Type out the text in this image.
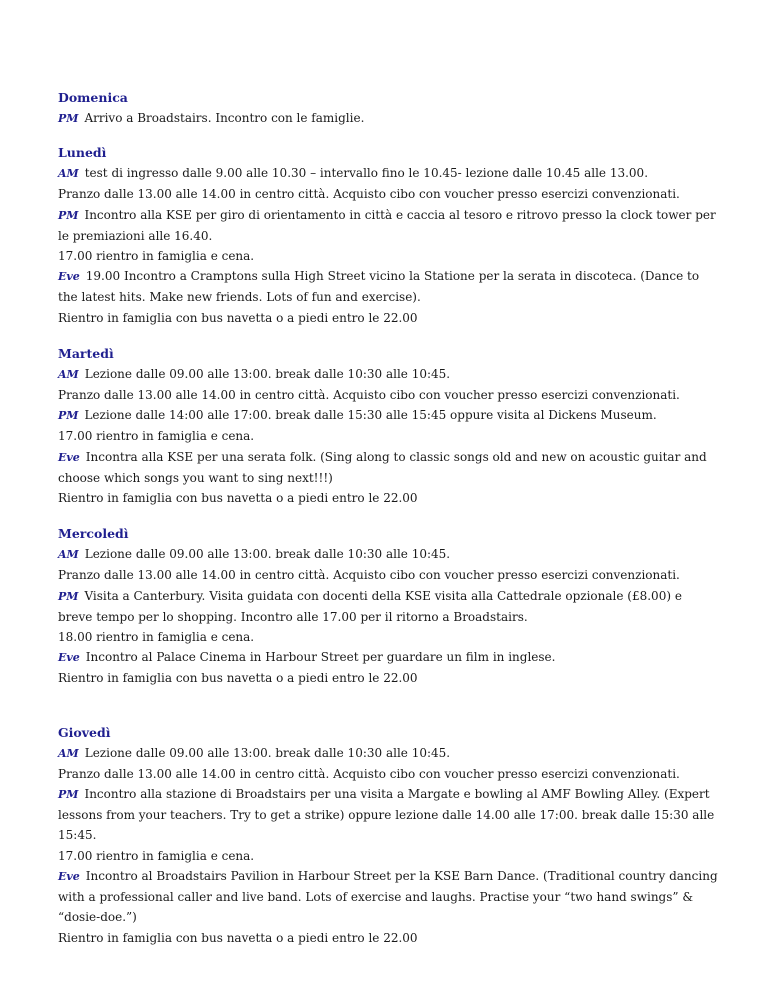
Domenica

PM Arrivo a Broadstairs. Incontro con le famiglie.

Lunedì

AM test di ingresso dalle 9.00 alle 10.30 – intervallo fino le 10.45- lezione dalle 10.45 alle 13.00.

Pranzo dalle 13.00 alle 14.00 in centro città. Acquisto cibo con voucher presso esercizi convenzionati.

PM Incontro alla KSE per giro di orientamento in città e caccia al tesoro e ritrovo presso la clock tower per le premiazioni alle 16.40.

17.00 rientro in famiglia e cena.

Eve 19.00 Incontro a Cramptons sulla High Street vicino la Statione per la serata in discoteca. (Dance to the latest hits. Make new friends. Lots of fun and exercise).

Rientro in famiglia con bus navetta o a piedi entro le 22.00

Martedì

AM Lezione dalle 09.00 alle 13:00. break dalle 10:30 alle 10:45.

Pranzo dalle 13.00 alle 14.00 in centro città. Acquisto cibo con voucher presso esercizi convenzionati.

PM Lezione dalle 14:00 alle 17:00. break dalle 15:30 alle 15:45 oppure visita al Dickens Museum.

17.00 rientro in famiglia e cena.

Eve Incontra alla KSE per una serata folk. (Sing along to classic songs old and new on acoustic guitar and choose which songs you want to sing next!!!)

Rientro in famiglia con bus navetta o a piedi entro le 22.00

Mercoledì

AM Lezione dalle 09.00 alle 13:00. break dalle 10:30 alle 10:45.

Pranzo dalle 13.00 alle 14.00 in centro città. Acquisto cibo con voucher presso esercizi convenzionati.

PM Visita a Canterbury. Visita guidata con docenti della KSE visita alla Cattedrale opzionale (£8.00) e breve tempo per lo shopping. Incontro alle 17.00 per il ritorno a Broadstairs.

18.00 rientro in famiglia e cena.

Eve Incontro al Palace Cinema in Harbour Street per guardare un film in inglese.

Rientro in famiglia con bus navetta o a piedi entro le 22.00

Giovedì

AM Lezione dalle 09.00 alle 13:00. break dalle 10:30 alle 10:45.

Pranzo dalle 13.00 alle 14.00 in centro città. Acquisto cibo con voucher presso esercizi convenzionati.

PM Incontro alla stazione di Broadstairs per una visita a Margate e bowling al AMF Bowling Alley. (Expert lessons from your teachers. Try to get a strike) oppure lezione dalle 14.00 alle 17:00. break dalle 15:30 alle 15:45.

17.00 rientro in famiglia e cena.

Eve Incontro al Broadstairs Pavilion in Harbour Street per la KSE Barn Dance. (Traditional country dancing with a professional caller and live band. Lots of exercise and laughs. Practise your “two hand swings” & “dosie-doe.”)

Rientro in famiglia con bus navetta o a piedi entro le 22.00
